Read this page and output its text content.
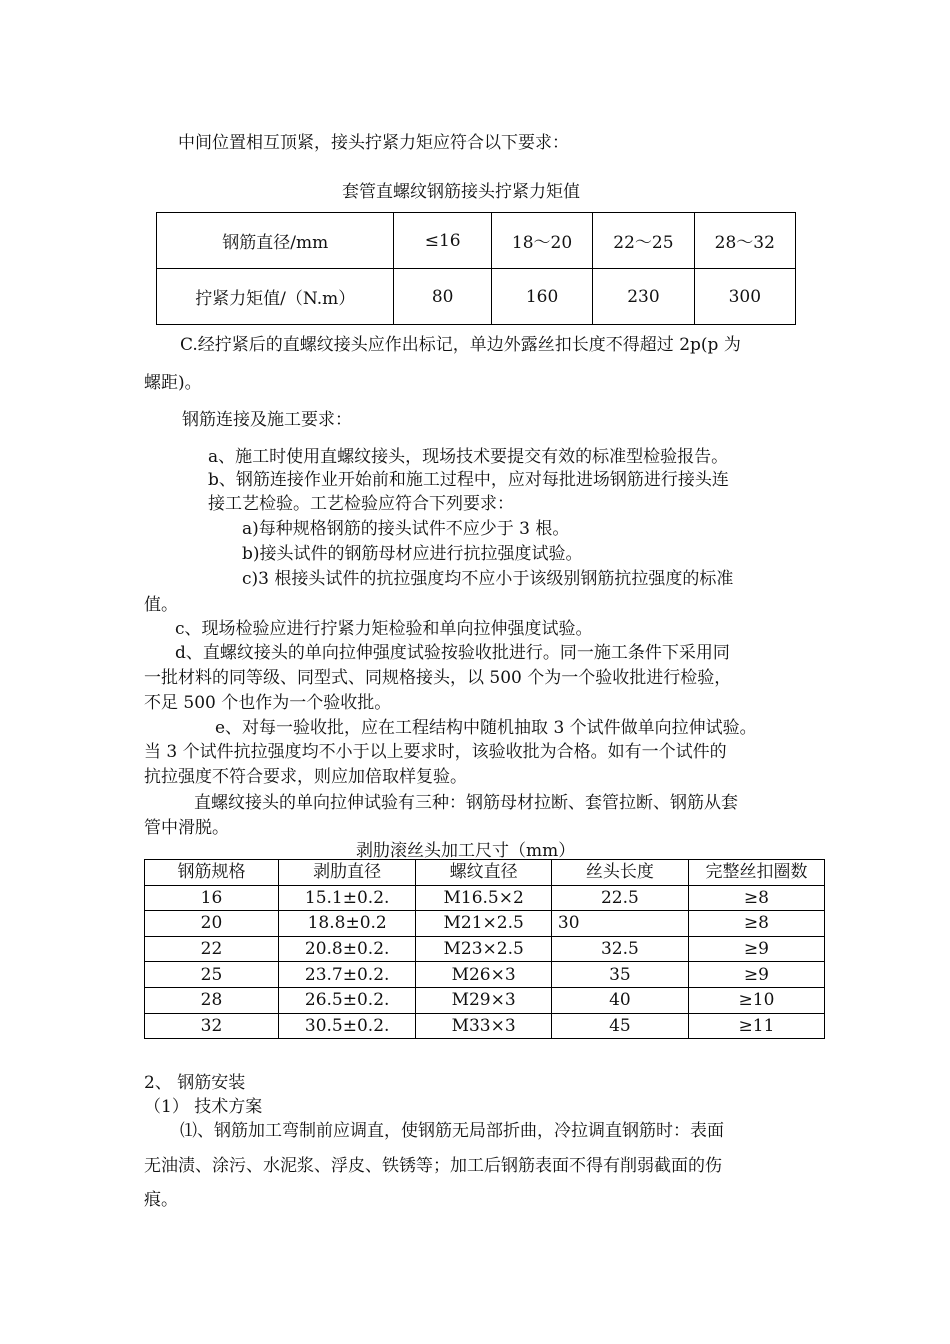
中间位置相互顶紧，接头拧紧力矩应符合以下要求：
套管直螺纹钢筋接头拧紧力矩值
钢筋直径/mm	≤16	18～20	22～25	28～32
拧紧力矩值/（N.m）	80	160	230	300
C.经拧紧后的直螺纹接头应作出标记，单边外露丝扣长度不得超过 2p(p 为
螺距)。
钢筋连接及施工要求：
a、施工时使用直螺纹接头，现场技术要提交有效的标准型检验报告。
b、钢筋连接作业开始前和施工过程中，应对每批进场钢筋进行接头连
接工艺检验。工艺检验应符合下列要求：
a)每种规格钢筋的接头试件不应少于 3 根。
b)接头试件的钢筋母材应进行抗拉强度试验。
c)3 根接头试件的抗拉强度均不应小于该级别钢筋抗拉强度的标准
值。
c、现场检验应进行拧紧力矩检验和单向拉伸强度试验。
d、直螺纹接头的单向拉伸强度试验按验收批进行。同一施工条件下采用同
一批材料的同等级、同型式、同规格接头，以 500 个为一个验收批进行检验，
不足 500 个也作为一个验收批。
e、对每一验收批，应在工程结构中随机抽取 3 个试件做单向拉伸试验。
当 3 个试件抗拉强度均不小于以上要求时，该验收批为合格。如有一个试件的
抗拉强度不符合要求，则应加倍取样复验。
直螺纹接头的单向拉伸试验有三种：钢筋母材拉断、套管拉断、钢筋从套
管中滑脱。
剥肋滚丝头加工尺寸（mm）
钢筋规格	剥肋直径	螺纹直径	丝头长度	完整丝扣圈数
16	15.1±0.2.	M16.5×2	22.5	≥8
20	18.8±0.2	M21×2.5	30	≥8
22	20.8±0.2.	M23×2.5	32.5	≥9
25	23.7±0.2.	M26×3	35	≥9
28	26.5±0.2.	M29×3	40	≥10
32	30.5±0.2.	M33×3	45	≥11
2、 钢筋安装
（1） 技术方案
⑴、钢筋加工弯制前应调直，使钢筋无局部折曲，冷拉调直钢筋时：表面
无油渍、涂污、水泥浆、浮皮、铁锈等；加工后钢筋表面不得有削弱截面的伤
痕。
